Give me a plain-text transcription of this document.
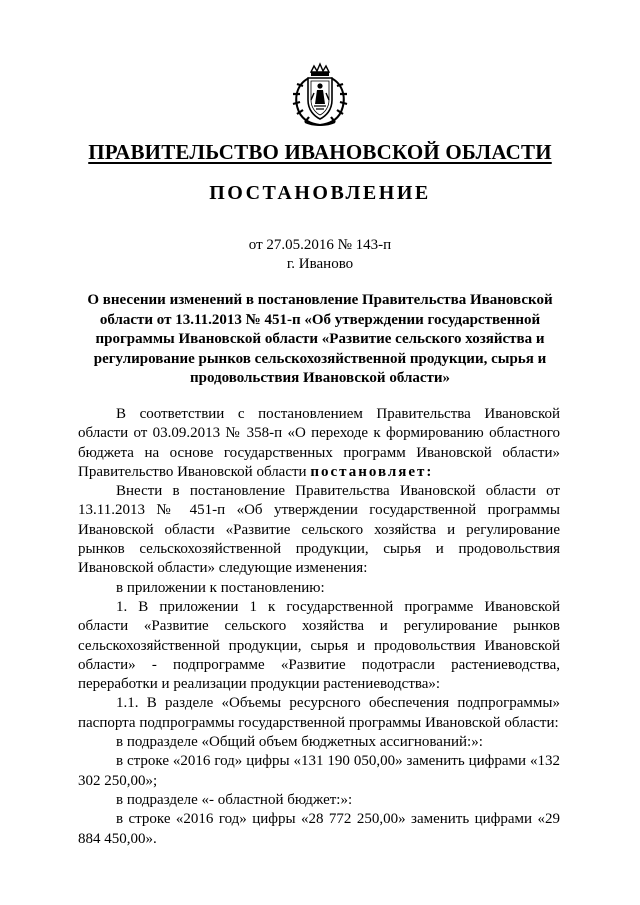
ПРАВИТЕЛЬСТВО ИВАНОВСКОЙ ОБЛАСТИ
ПОСТАНОВЛЕНИЕ
от 27.05.2016 № 143-п
г. Иваново
О внесении изменений в постановление Правительства Ивановской области от 13.11.2013 № 451-п «Об утверждении государственной программы Ивановской области «Развитие сельского хозяйства и регулирование рынков сельскохозяйственной продукции, сырья и продовольствия Ивановской области»

В соответствии с постановлением Правительства Ивановской области от 03.09.2013 № 358-п «О переходе к формированию областного бюджета на основе государственных программ Ивановской области» Правительство Ивановской области постановляет:

Внести в постановление Правительства Ивановской области от 13.11.2013 № 451-п «Об утверждении государственной программы Ивановской области «Развитие сельского хозяйства и регулирование рынков сельскохозяйственной продукции, сырья и продовольствия Ивановской области» следующие изменения:

в приложении к постановлению:

1. В приложении 1 к государственной программе Ивановской области «Развитие сельского хозяйства и регулирование рынков сельскохозяйственной продукции, сырья и продовольствия Ивановской области» - подпрограмме «Развитие подотрасли растениеводства, переработки и реализации продукции растениеводства»:

1.1. В разделе «Объемы ресурсного обеспечения подпрограммы» паспорта подпрограммы государственной программы Ивановской области:

в подразделе «Общий объем бюджетных ассигнований:»:

в строке «2016 год» цифры «131 190 050,00» заменить цифрами «132 302 250,00»;

в подразделе «- областной бюджет:»:

в строке «2016 год» цифры «28 772 250,00» заменить цифрами «29 884 450,00».
